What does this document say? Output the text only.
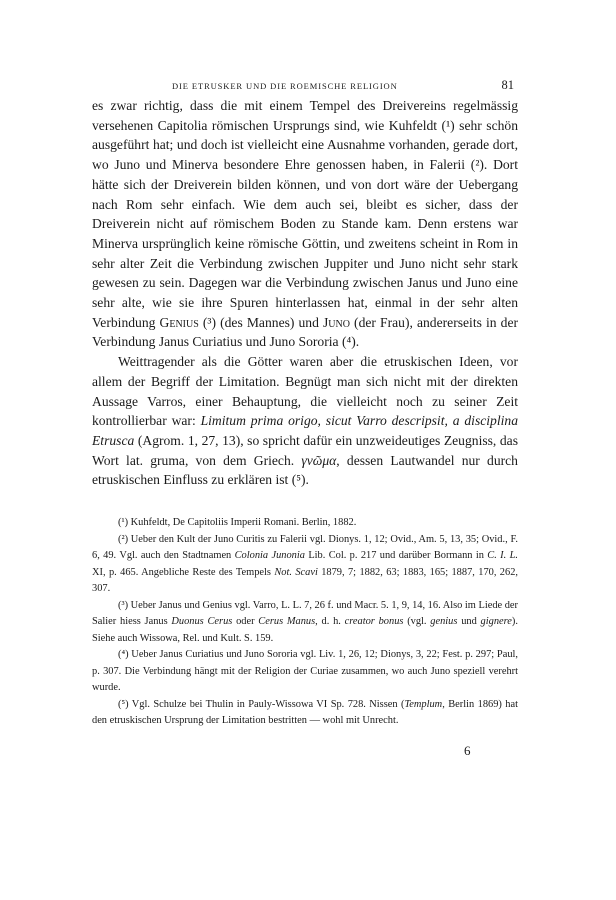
DIE ETRUSKER UND DIE ROEMISCHE RELIGION	81

es zwar richtig, dass die mit einem Tempel des Dreivereins regelmässig versehenen Capitolia römischen Ursprungs sind, wie Kuhfeldt (¹) sehr schön ausgeführt hat; und doch ist vielleicht eine Ausnahme vorhanden, gerade dort, wo Juno und Minerva besondere Ehre genossen haben, in Falerii (²). Dort hätte sich der Dreiverein bilden können, und von dort wäre der Uebergang nach Rom sehr einfach. Wie dem auch sei, bleibt es sicher, dass der Dreiverein nicht auf römischem Boden zu Stande kam. Denn erstens war Minerva ursprünglich keine römische Göttin, und zweitens scheint in Rom in sehr alter Zeit die Verbindung zwischen Juppiter und Juno nicht sehr stark gewesen zu sein. Dagegen war die Verbindung zwischen Janus und Juno eine sehr alte, wie sie ihre Spuren hinterlassen hat, einmal in der sehr alten Verbindung Genius (³) (des Mannes) und Juno (der Frau), andererseits in der Verbindung Janus Curiatius und Juno Sororia (⁴).

Weittragender als die Götter waren aber die etruskischen Ideen, vor allem der Begriff der Limitation. Begnügt man sich nicht mit der direkten Aussage Varros, einer Behauptung, die vielleicht noch zu seiner Zeit kontrollierbar war: Limitum prima origo, sicut Varro descripsit, a disciplina Etrusca (Agrom. 1, 27, 13), so spricht dafür ein unzweideutiges Zeugniss, das Wort lat. gruma, von dem Griech. γνῶμα, dessen Lautwandel nur durch etruskischen Einfluss zu erklären ist (⁵).

(¹) Kuhfeldt, De Capitoliis Imperii Romani. Berlin, 1882.

(²) Ueber den Kult der Juno Curitis zu Falerii vgl. Dionys. 1, 12; Ovid., Am. 5, 13, 35; Ovid., F. 6, 49. Vgl. auch den Stadtnamen Colonia Junonia Lib. Col. p. 217 und darüber Bormann in C. I. L. XI, p. 465. Angebliche Reste des Tempels Not. Scavi 1879, 7; 1882, 63; 1883, 165; 1887, 170, 262, 307.

(³) Ueber Janus und Genius vgl. Varro, L. L. 7, 26 f. und Macr. 5. 1, 9, 14, 16. Also im Liede der Salier hiess Janus Duonus Cerus oder Cerus Manus, d. h. creator bonus (vgl. genius und gignere). Siehe auch Wissowa, Rel. und Kult. S. 159.

(⁴) Ueber Janus Curiatius und Juno Sororia vgl. Liv. 1, 26, 12; Dionys, 3, 22; Fest. p. 297; Paul, p. 307. Die Verbindung hängt mit der Religion der Curiae zusammen, wo auch Juno speziell verehrt wurde.

(⁵) Vgl. Schulze bei Thulin in Pauly-Wissowa VI Sp. 728. Nissen (Templum, Berlin 1869) hat den etruskischen Ursprung der Limitation bestritten — wohl mit Unrecht.

6
